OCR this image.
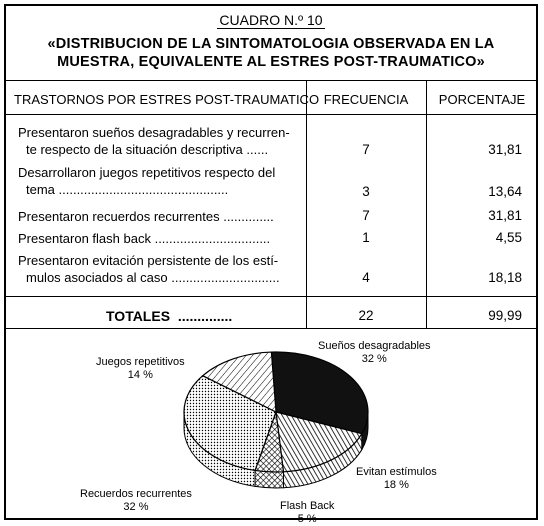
CUADRO N.º 10
«DISTRIBUCION DE LA SINTOMATOLOGIA OBSERVADA EN LA
MUESTRA, EQUIVALENTE AL ESTRES POST-TRAUMATICO»
TRASTORNOS POR ESTRES POST-TRAUMATICO FRECUENCIA	PORCENTAJE
Presentaron sueños desagradables y recurren-
te respecto de la situación descriptiva ......	7	31,81
Desarrollaron juegos repetitivos respecto del
tema ...............................................	3	13,64
Presentaron recuerdos recurrentes ..............	7	31,81
Presentaron flash back ................................	1	4,55
Presentaron evitación persistente de los estí-
mulos asociados al caso ..............................	4	18,18
TOTALES ..............	22	99,99
Sueños desagradables
32 %
Juegos repetitivos
14 %
Evitan estímulos
18 %
Flash Back
5 %
Recuerdos recurrentes
32 %
